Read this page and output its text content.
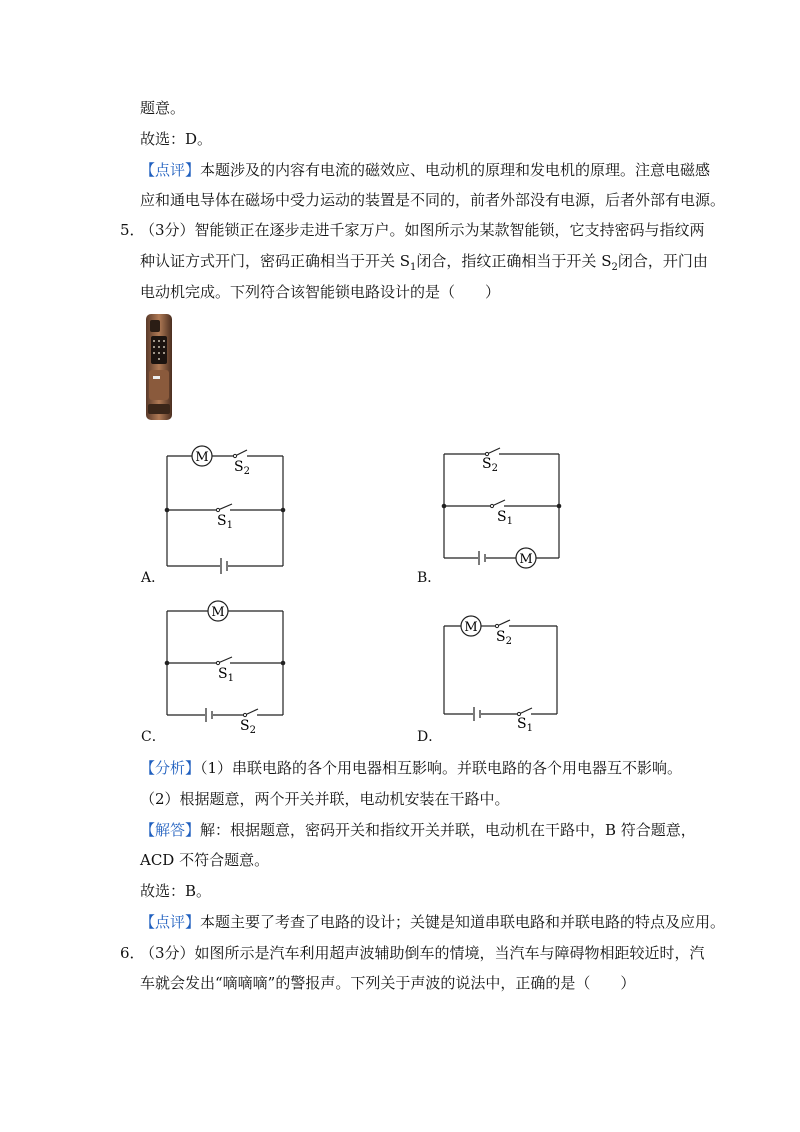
题意。
故选：D。
【点评】本题涉及的内容有电流的磁效应、电动机的原理和发电机的原理。注意电磁感
应和通电导体在磁场中受力运动的装置是不同的，前者外部没有电源，后者外部有电源。
5．
（3分）智能锁正在逐步走进千家万户。如图所示为某款智能锁，它支持密码与指纹两
种认证方式开门，密码正确相当于开关 $S_1$闭合，指纹正确相当于开关 $S_2$闭合，开门由
电动机完成。下列符合该智能锁电路设计的是（　　）
M
$S_2$
$S_1$
A．
M
$S_2$
$S_1$
B．
M
$S_1$
$S_2$
C．
M
$S_2$
$S_1$
D．
【分析】（1）串联电路的各个用电器相互影响。并联电路的各个用电器互不影响。
（2）根据题意，两个开关并联，电动机安装在干路中。
【解答】解：根据题意，密码开关和指纹开关并联，电动机在干路中，B 符合题意，
ACD 不符合题意。
故选：B。
【点评】本题主要了考查了电路的设计；关键是知道串联电路和并联电路的特点及应用。
6．
（3分）如图所示是汽车利用超声波辅助倒车的情境，当汽车与障碍物相距较近时，汽
车就会发出“嘀嘀嘀”的警报声。下列关于声波的说法中，正确的是（　　）
